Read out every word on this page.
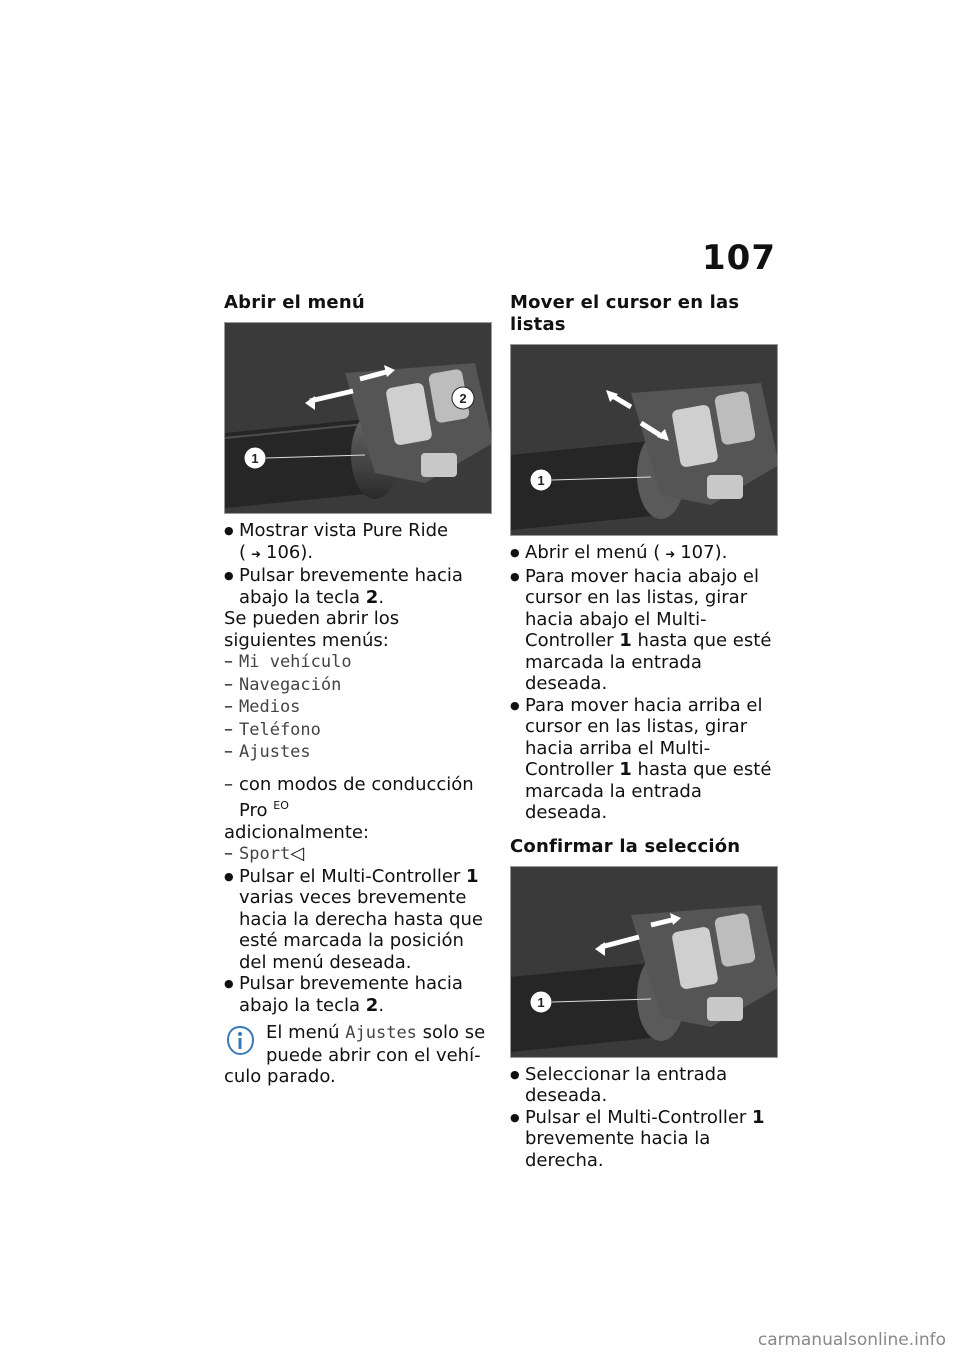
107
Abrir el menú
1
2
● Mostrar vista Pure Ride
( ➜ 106).
● Pulsar brevemente hacia abajo la tecla 2.
Se pueden abrir los siguientes menús:
– Mi vehículo
– Navegación
– Medios
– Teléfono
– Ajustes
– con modos de conducción
Pro $^{EO}$
adicionalmente:
– Sport◁
● Pulsar el Multi-Controller 1 varias veces brevemente hacia la derecha hasta que esté marcada la posición del menú deseada.
● Pulsar brevemente hacia abajo la tecla 2.
El menú Ajustes solo se puede abrir con el vehí-
culo parado.
Mover el cursor en las listas
1
● Abrir el menú ( ➜ 107).
● Para mover hacia abajo el cursor en las listas, girar hacia abajo el Multi-Controller 1 hasta que esté marcada la entrada deseada.
● Para mover hacia arriba el cursor en las listas, girar hacia arriba el Multi-Controller 1 hasta que esté marcada la entrada deseada.
Confirmar la selección
1
● Seleccionar la entrada deseada.
● Pulsar el Multi-Controller 1 brevemente hacia la derecha.
carmanualsonline.info
